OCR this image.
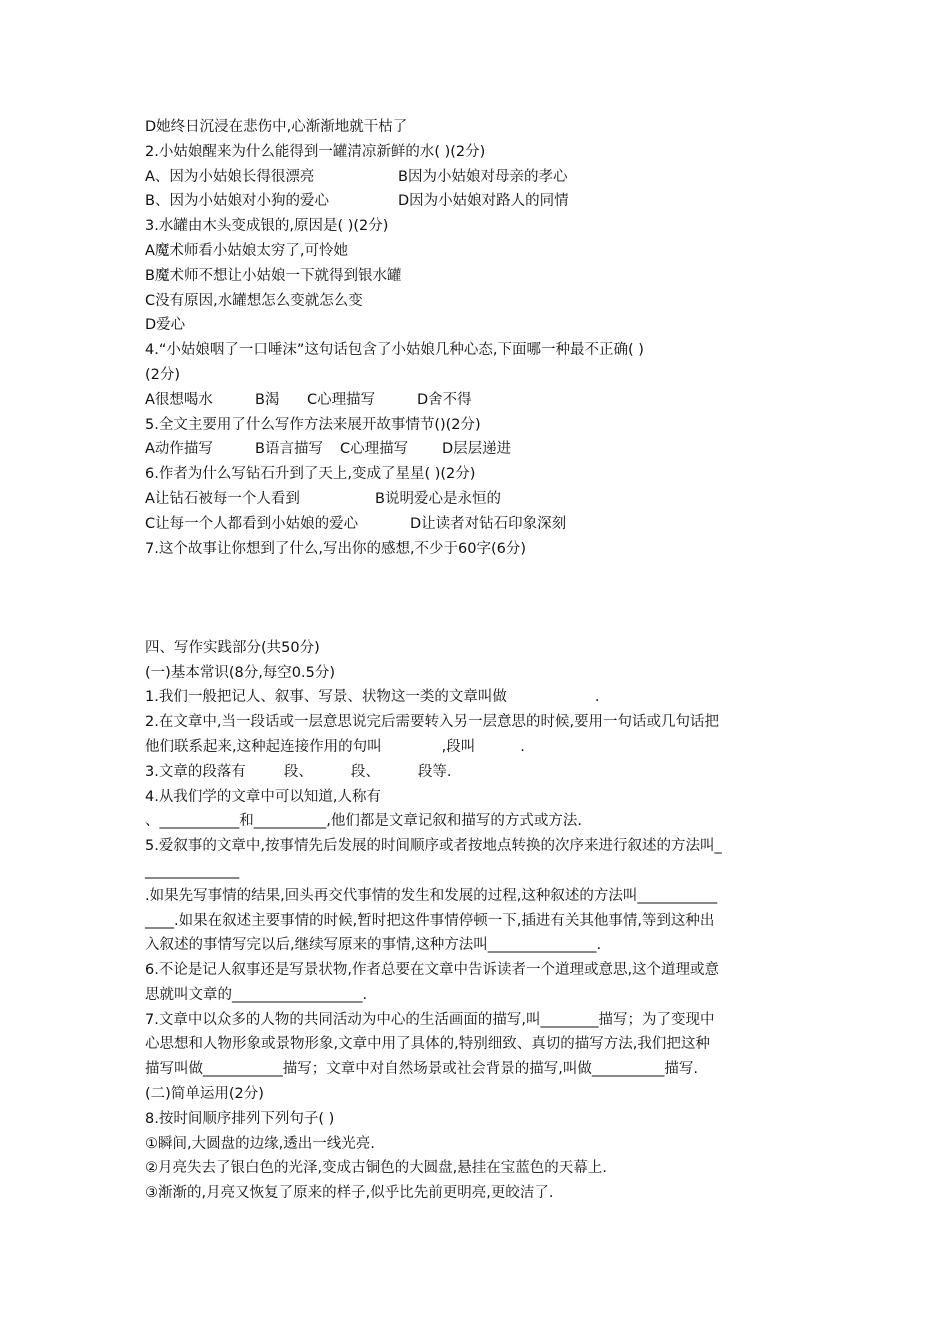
D她终日沉浸在悲伤中,心渐渐地就干枯了
2.小姑娘醒来为什么能得到一罐清凉新鲜的水( )(2分)
A、因为小姑娘长得很漂亮	B因为小姑娘对母亲的孝心
B、因为小姑娘对小狗的爱心	D因为小姑娘对路人的同情
3.水罐由木头变成银的,原因是( )(2分)
A魔术师看小姑娘太穷了,可怜她
B魔术师不想让小姑娘一下就得到银水罐
C没有原因,水罐想怎么变就怎么变
D爱心
4.“小姑娘咽了一口唾沫”这句话包含了小姑娘几种心态,下面哪一种最不正确( )
(2分)
A很想喝水	B渴	C心理描写	D舍不得
5.全文主要用了什么写作方法来展开故事情节()(2分)
A动作描写	B语言描写	C心理描写	D层层递进
6.作者为什么写钻石升到了天上,变成了星星( )(2分)
A让钻石被每一个人看到	B说明爱心是永恒的
C让每一个人都看到小姑娘的爱心	D让读者对钻石印象深刻
7.这个故事让你想到了什么,写出你的感想,不少于60字(6分)
四、写作实践部分(共50分)
(一)基本常识(8分,每空0.5分)
1.我们一般把记人、叙事、写景、状物这一类的文章叫做	.
2.在文章中,当一段话或一层意思说完后需要转入另一层意思的时候,要用一句话或几句话把
他们联系起来,这种起连接作用的句叫	,段叫	.
3.文章的段落有	段、	段、	段等.
4.从我们学的文章中可以知道,人称有
、___________和__________,他们都是文章记叙和描写的方式或方法.
5.爱叙事的文章中,按事情先后发展的时间顺序或者按地点转换的次序来进行叙述的方法叫_
_____________
.如果先写事情的结果,回头再交代事情的发生和发展的过程,这种叙述的方法叫___________
____.如果在叙述主要事情的时候,暂时把这件事情停顿一下,插进有关其他事情,等到这种出
入叙述的事情写完以后,继续写原来的事情,这种方法叫_______________.
6.不论是记人叙事还是写景状物,作者总要在文章中告诉读者一个道理或意思,这个道理或意
思就叫文章的__________________.
7.文章中以众多的人物的共同活动为中心的生活画面的描写,叫________描写；为了变现中
心思想和人物形象或景物形象,文章中用了具体的,特别细致、真切的描写方法,我们把这种
描写叫做___________描写；文章中对自然场景或社会背景的描写,叫做__________描写.
(二)简单运用(2分)
8.按时间顺序排列下列句子( )
①瞬间,大圆盘的边缘,透出一线光亮.
②月亮失去了银白色的光泽,变成古铜色的大圆盘,悬挂在宝蓝色的天幕上.
③渐渐的,月亮又恢复了原来的样子,似乎比先前更明亮,更皎洁了.
